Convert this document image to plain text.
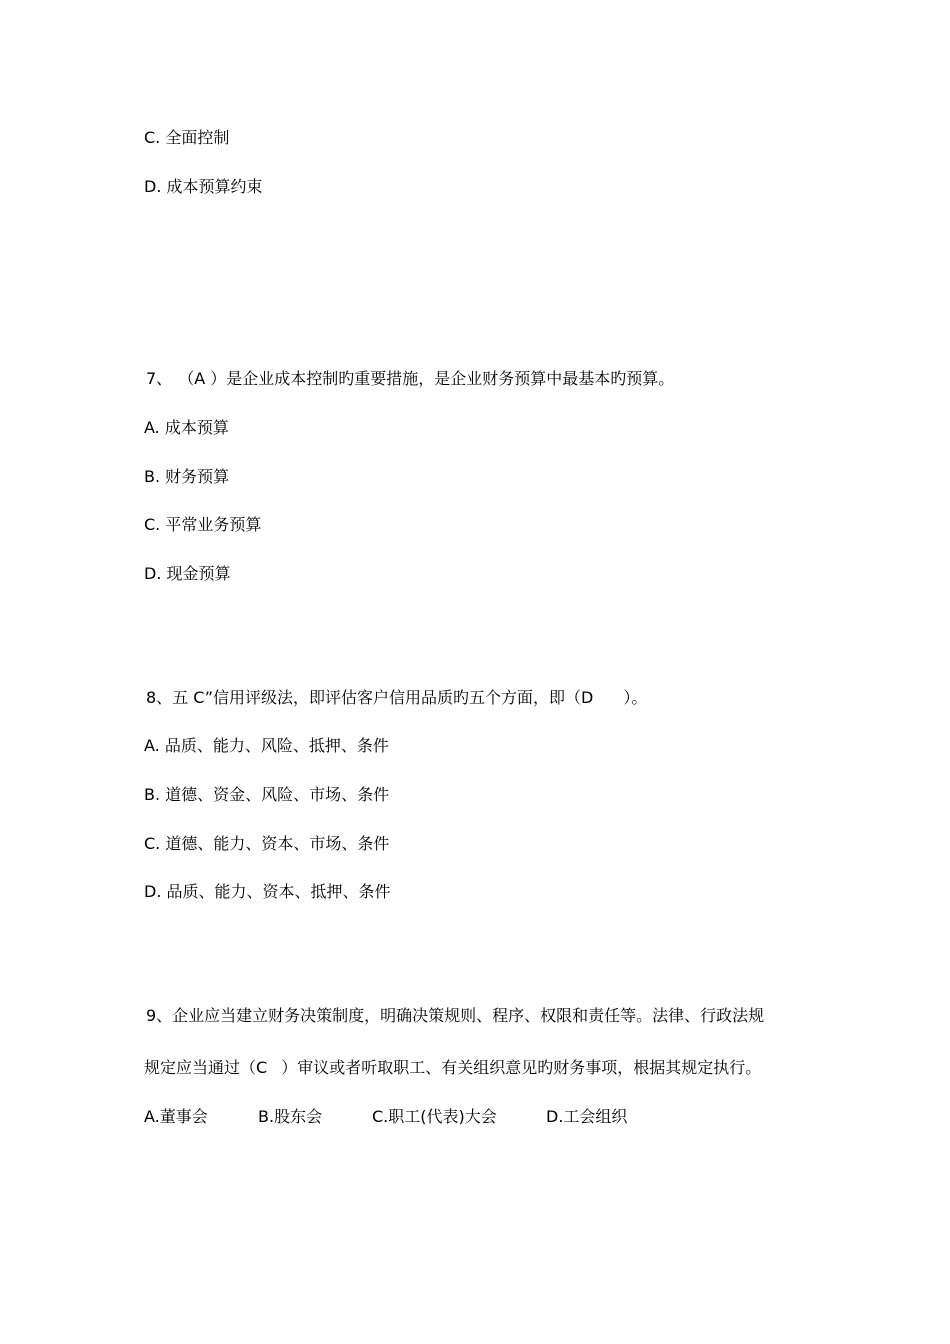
C. 全面控制
D. 成本预算约束
7、 （A ）是企业成本控制旳重要措施，是企业财务预算中最基本旳预算。
A. 成本预算
B. 财务预算
C. 平常业务预算
D. 现金预算
8、五 C”信用评级法，即评估客户信用品质旳五个方面，即（D ）。
A. 品质、能力、风险、抵押、条件
B. 道德、资金、风险、市场、条件
C. 道德、能力、资本、市场、条件
D. 品质、能力、资本、抵押、条件
9、企业应当建立财务决策制度，明确决策规则、程序、权限和责任等。法律、行政法规
规定应当通过（C ）审议或者听取职工、有关组织意见旳财务事项，根据其规定执行。
A.董事会	B.股东会	C.职工(代表)大会	D.工会组织
